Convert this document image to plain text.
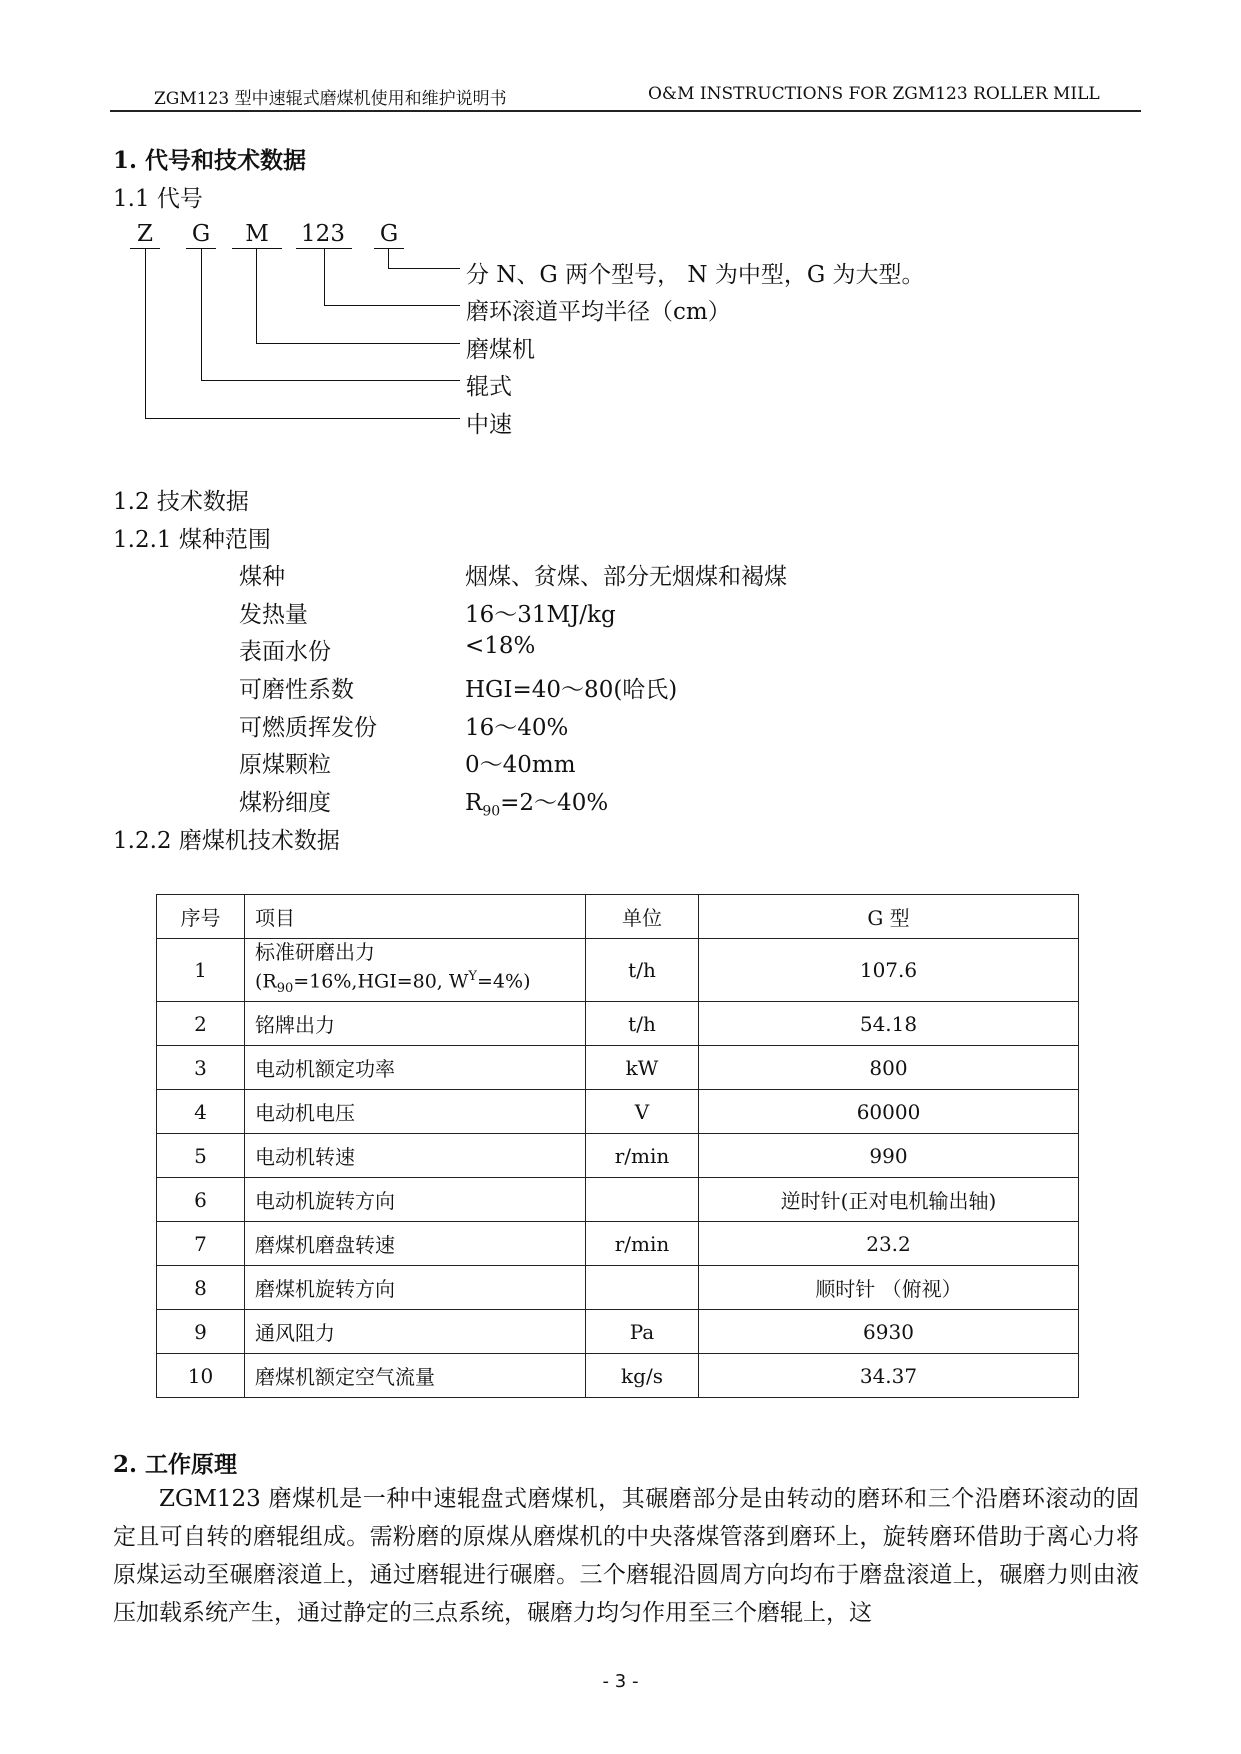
ZGM123 型中速辊式磨煤机使用和维护说明书	O&M INSTRUCTIONS FOR ZGM123 ROLLER MILL
1. 代号和技术数据
1.1 代号
Z	G M 123 G
分 N、G 两个型号， N 为中型，G 为大型。
磨环滚道平均半径（cm）
磨煤机
辊式
中速
1.2 技术数据
1.2.1 煤种范围
煤种	烟煤、贫煤、部分无烟煤和褐煤
发热量	16～31MJ/kg
表面水份	<18%
可磨性系数	HGI=40～80(哈氏)
可燃质挥发份	16～40%
原煤颗粒	0～40mm
煤粉细度	$R_{90}=2\sim 40\%$
1.2.2 磨煤机技术数据
序号	项目	单位	G 型
1	标准研磨出力
($R_{90}=16\%,HGI=80$, $W^Y=4\%$)	t/h	107.6
2	铭牌出力	t/h	54.18
3	电动机额定功率	kW	800
4	电动机电压	V	60000
5	电动机转速	r/min	990
6	电动机旋转方向		逆时针(正对电机输出轴)
7	磨煤机磨盘转速	r/min	23.2
8	磨煤机旋转方向		顺时针 （俯视）
9	通风阻力	Pa	6930
10	磨煤机额定空气流量	kg/s	34.37
2. 工作原理

ZGM123 磨煤机是一种中速辊盘式磨煤机，其碾磨部分是由转动的磨环和三个沿磨环滚动的固定且可自转的磨辊组成。需粉磨的原煤从磨煤机的中央落煤管落到磨环上，旋转磨环借助于离心力将原煤运动至碾磨滚道上，通过磨辊进行碾磨。三个磨辊沿圆周方向均布于磨盘滚道上，碾磨力则由液压加载系统产生，通过静定的三点系统，碾磨力均匀作用至三个磨辊上，这

- 3 -
